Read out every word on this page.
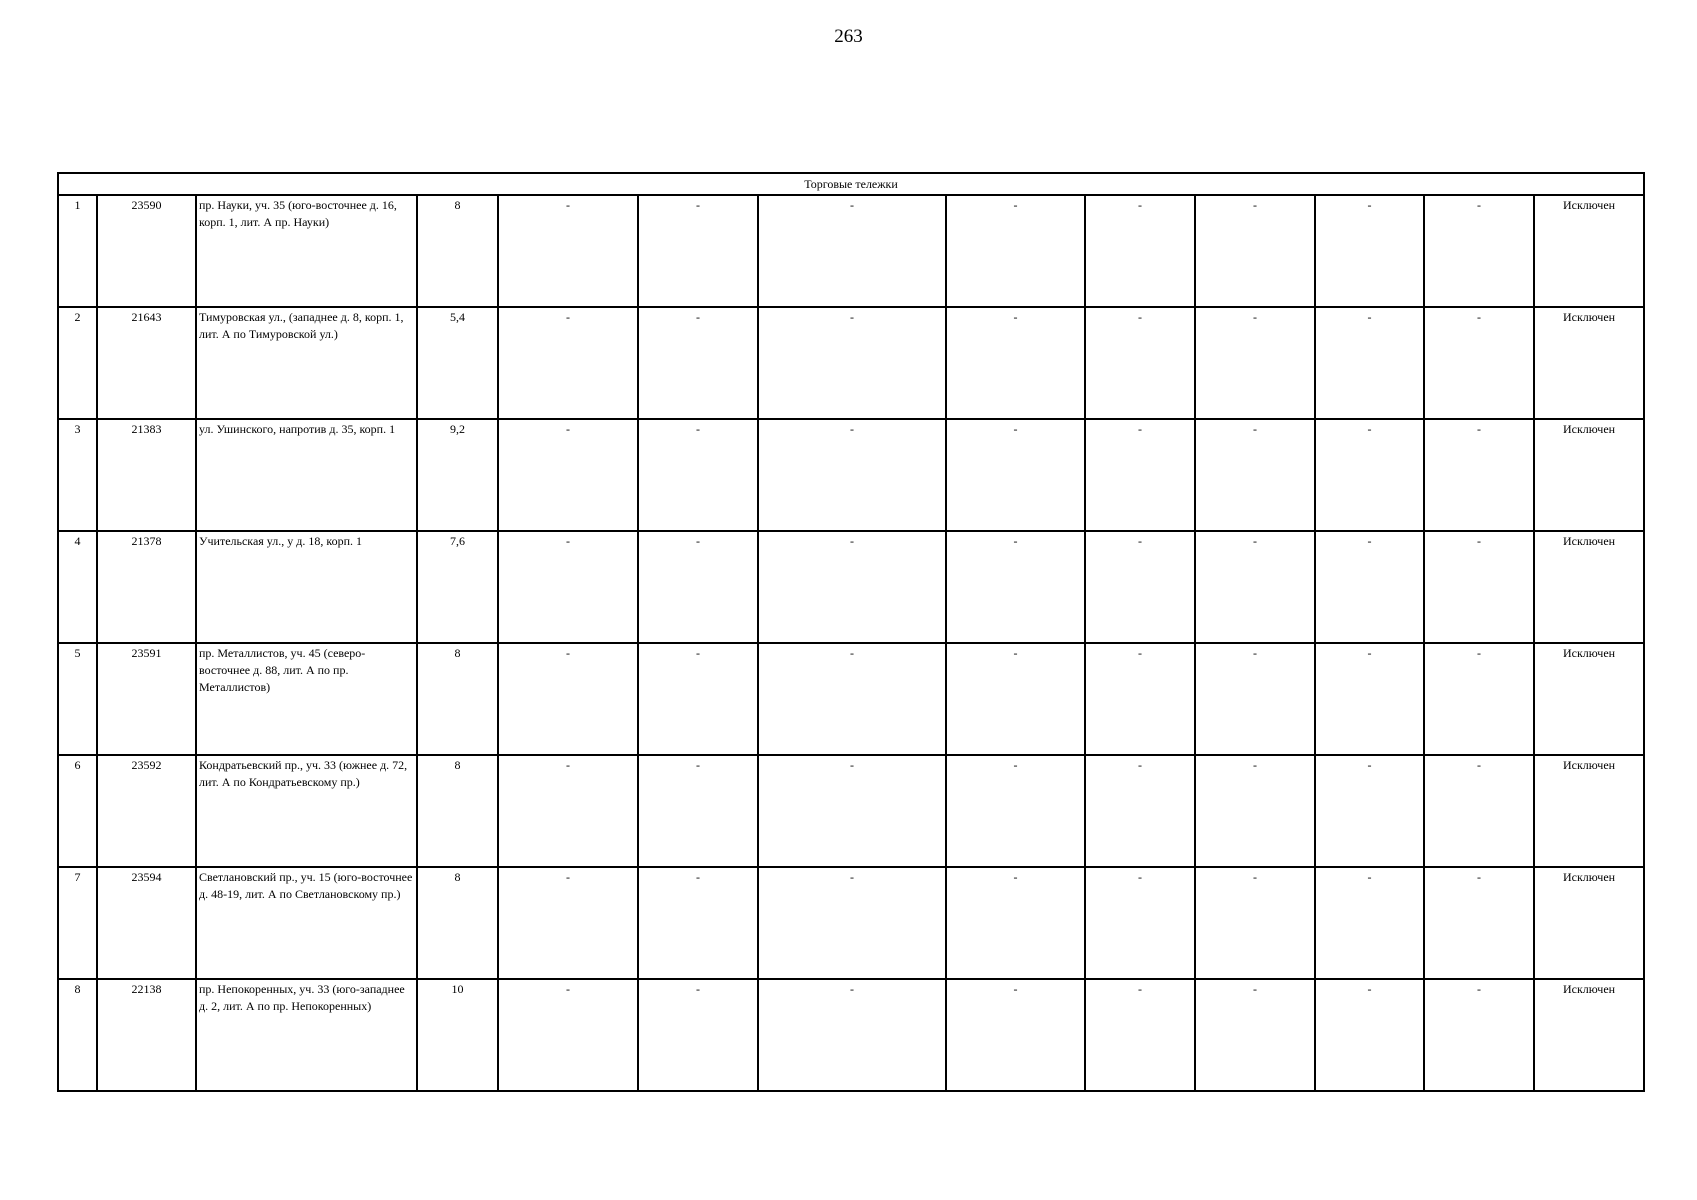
263
Торговые тележки												
1	23590	пр. Науки, уч. 35 (юго-восточнее д. 16, корп. 1, лит. А пр. Науки)	8	-	-	-	-	-	-	-	-	Исключен
2	21643	Тимуровская ул., (западнее д. 8, корп. 1, лит. А по Тимуровской ул.)	5,4	-	-	-	-	-	-	-	-	Исключен
3	21383	ул. Ушинского, напротив д. 35, корп. 1	9,2	-	-	-	-	-	-	-	-	Исключен
4	21378	Учительская ул., у д. 18, корп. 1	7,6	-	-	-	-	-	-	-	-	Исключен
5	23591	пр. Металлистов, уч. 45 (северо-восточнее д. 88, лит. А по пр. Металлистов)	8	-	-	-	-	-	-	-	-	Исключен
6	23592	Кондратьевский пр., уч. 33 (южнее д. 72, лит. А по Кондратьевскому пр.)	8	-	-	-	-	-	-	-	-	Исключен
7	23594	Светлановский пр., уч. 15 (юго-восточнее д. 48-19, лит. А по Светлановскому пр.)	8	-	-	-	-	-	-	-	-	Исключен
8	22138	пр. Непокоренных, уч. 33 (юго-западнее д. 2, лит. А по пр. Непокоренных)	10	-	-	-	-	-	-	-	-	Исключен
